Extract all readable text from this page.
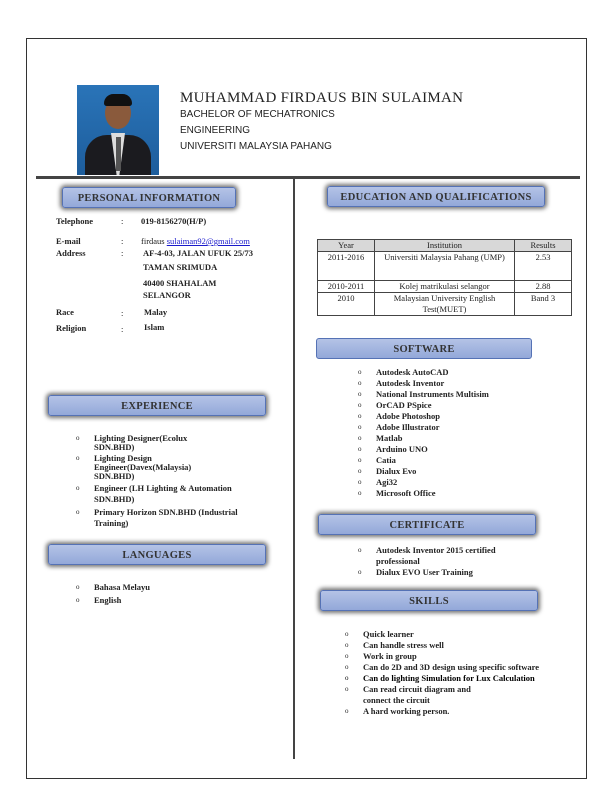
MUHAMMAD FIRDAUS BIN SULAIMAN
BACHELOR OF MECHATRONICS
ENGINEERING
UNIVERSITI MALAYSIA PAHANG
PERSONAL INFORMATION
Telephone	: 019-8156270(H/P)
E-mail	: firdaus sulaiman92@gmail.com
Address	: AF-4-03, JALAN UFUK 25/73
TAMAN SRIMUDA
40400 SHAHALAM
SELANGOR
Race	: Malay
Religion	: Islam
EXPERIENCE
o Lighting Designer(Ecolux SDN.BHD)
o Lighting Design Engineer(Davex(Malaysia) SDN.BHD)
o Engineer (LH Lighting & Automation SDN.BHD)
o Primary Horizon SDN.BHD (Industrial Training)
LANGUAGES
o Bahasa Melayu
o English
EDUCATION AND QUALIFICATIONS
Year	Institution	Results
2011-2016	Universiti Malaysia Pahang (UMP)	2.53
2010-2011	Kolej matrikulasi selangor	2.88
2010	Malaysian University English Test(MUET)	Band 3
SOFTWARE
o Autodesk AutoCAD
o Autodesk Inventor
o National Instruments Multisim
o OrCAD PSpice
o Adobe Photoshop
o Adobe Illustrator
o Matlab
o Arduino UNO
o Catia
o Dialux Evo
o Agi32
o Microsoft Office
CERTIFICATE
o Autodesk Inventor 2015 certified professional
o Dialux EVO User Training
SKILLS
o Quick learner
o Can handle stress well
o Work in group
o Can do 2D and 3D design using specific software
o Can do lighting Simulation for Lux Calculation
o Can read circuit diagram and connect the circuit
o A hard working person.
